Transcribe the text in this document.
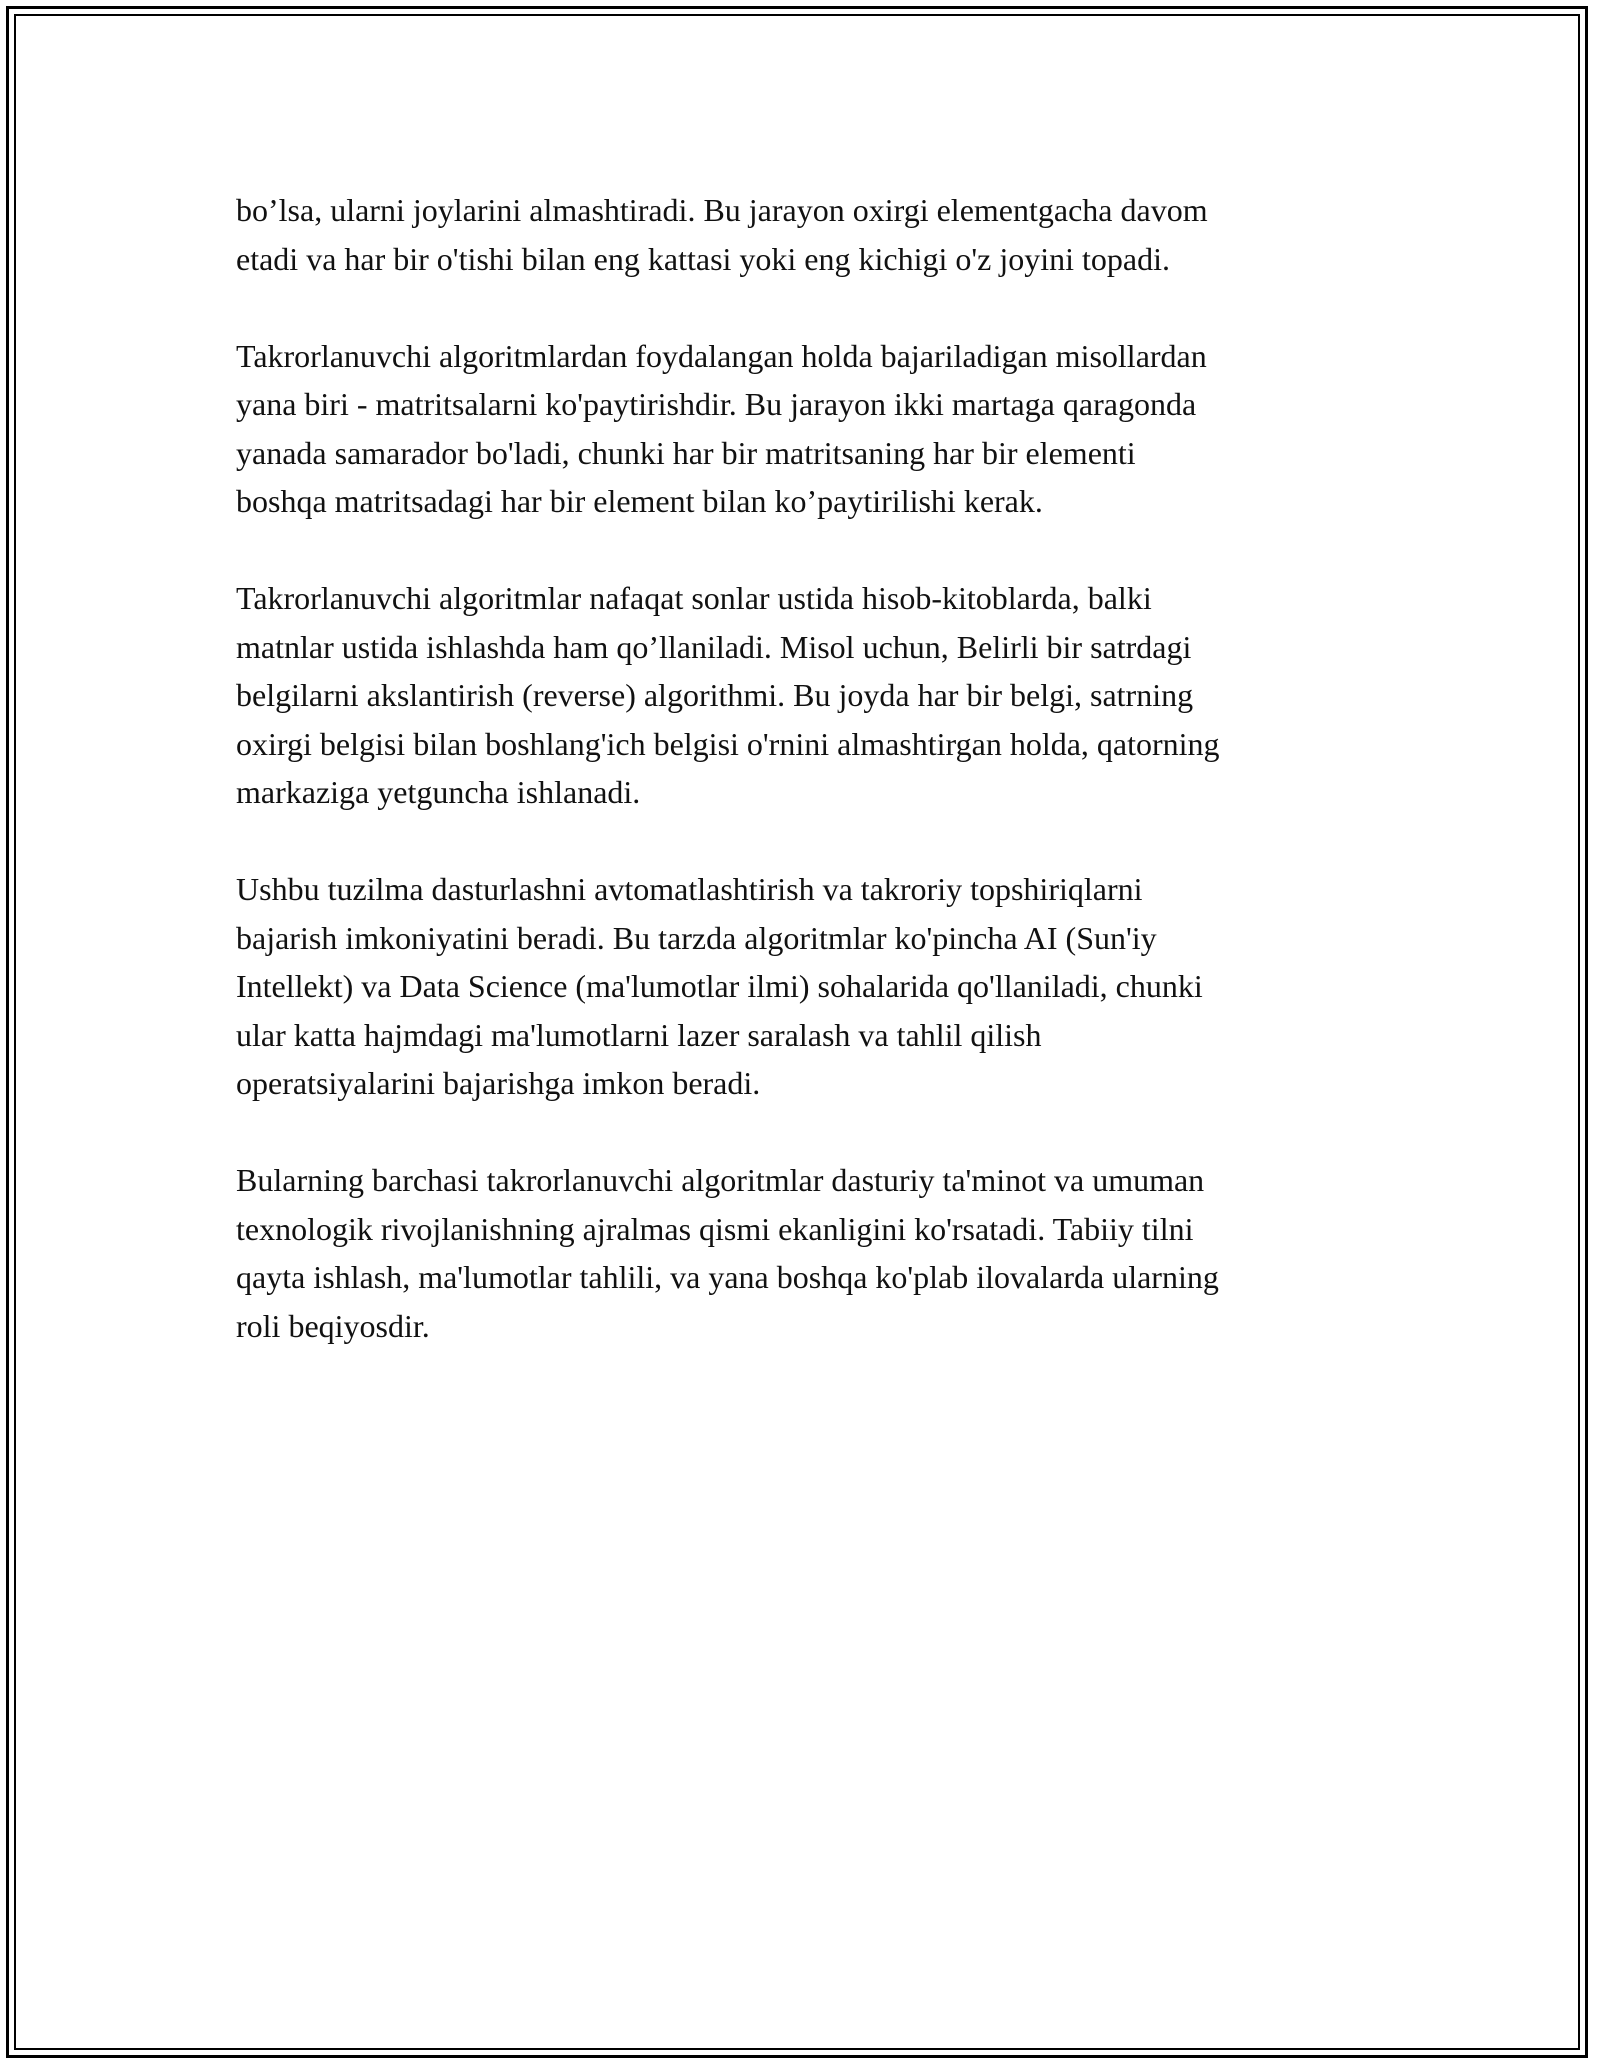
bo’lsa, ularni joylarini almashtiradi. Bu jarayon oxirgi elementgacha davom
etadi va har bir o'tishi bilan eng kattasi yoki eng kichigi o'z joyini topadi.

Takrorlanuvchi algoritmlardan foydalangan holda bajariladigan misollardan
yana biri - matritsalarni ko'paytirishdir. Bu jarayon ikki martaga qaragonda
yanada samarador bo'ladi, chunki har bir matritsaning har bir elementi
boshqa matritsadagi har bir element bilan ko’paytirilishi kerak.

Takrorlanuvchi algoritmlar nafaqat sonlar ustida hisob-kitoblarda, balki
matnlar ustida ishlashda ham qo’llaniladi. Misol uchun, Belirli bir satrdagi
belgilarni akslantirish (reverse) algorithmi. Bu joyda har bir belgi, satrning
oxirgi belgisi bilan boshlang'ich belgisi o'rnini almashtirgan holda, qatorning
markaziga yetguncha ishlanadi.

Ushbu tuzilma dasturlashni avtomatlashtirish va takroriy topshiriqlarni
bajarish imkoniyatini beradi. Bu tarzda algoritmlar ko'pincha AI (Sun'iy
Intellekt) va Data Science (ma'lumotlar ilmi) sohalarida qo'llaniladi, chunki
ular katta hajmdagi ma'lumotlarni lazer saralash va tahlil qilish
operatsiyalarini bajarishga imkon beradi.

Bularning barchasi takrorlanuvchi algoritmlar dasturiy ta'minot va umuman
texnologik rivojlanishning ajralmas qismi ekanligini ko'rsatadi. Tabiiy tilni
qayta ishlash, ma'lumotlar tahlili, va yana boshqa ko'plab ilovalarda ularning
roli beqiyosdir.
